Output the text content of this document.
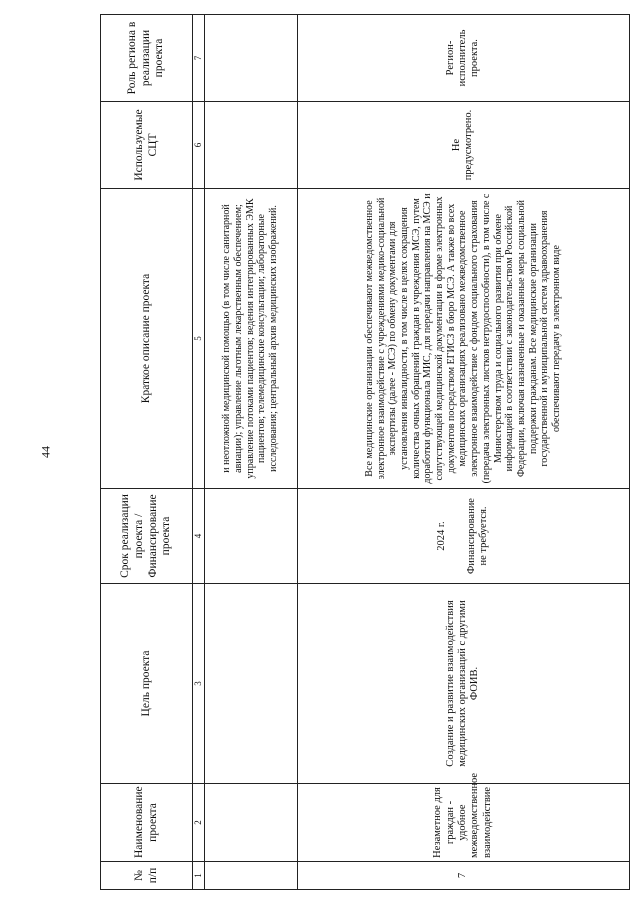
44
№ п/п	Наименование проекта	Цель проекта	Срок реализации проекта / Финансирование проекта	Краткое описание проекта	Используемые СЦТ	Роль региона в реализации проекта
1	2	3	4	5	6	7
				и неотложной медицинской помощью (в том числе санитарной авиации); управление льготным лекарственным обеспечением; управление потоками пациентов; ведения интегрированных ЭМК пациентов; телемедицинские консультации; лабораторные исследования; центральный архив медицинских изображений.		
7	Незаметное для граждан - удобное межведомственное взаимодействие	Создание и развитие взаимодействия медицинских организаций с другими ФОИВ.	2024 г. Финансирование не требуется.	Все медицинские организации обеспечивают межведомственное электронное взаимодействие с учреждениями медико-социальной экспертизы (далее - МСЭ) по обмену документами для установления инвалидности, в том числе в целях сокращения количества очных обращений граждан в учреждения МСЭ, путем доработки функционала МИС, для передачи направления на МСЭ и сопутствующей медицинской документации в форме электронных документов посредством ЕГИСЗ в бюро МСЭ. А также во всех медицинских организациях реализовано межведомственное электронное взаимодействие с фондом социального страхования (передача электронных листков нетрудоспособности), в том числе с Министерством труда и социального развития при обмене информацией в соответствии с законодательством Российской Федерации, включая назначенные и оказанные меры социальной поддержки гражданам. Все медицинские организации государственной и муниципальной систем здравоохранения обеспечивают передачу в электронном виде	Не предусмотрено.	Регион-исполнитель проекта.
